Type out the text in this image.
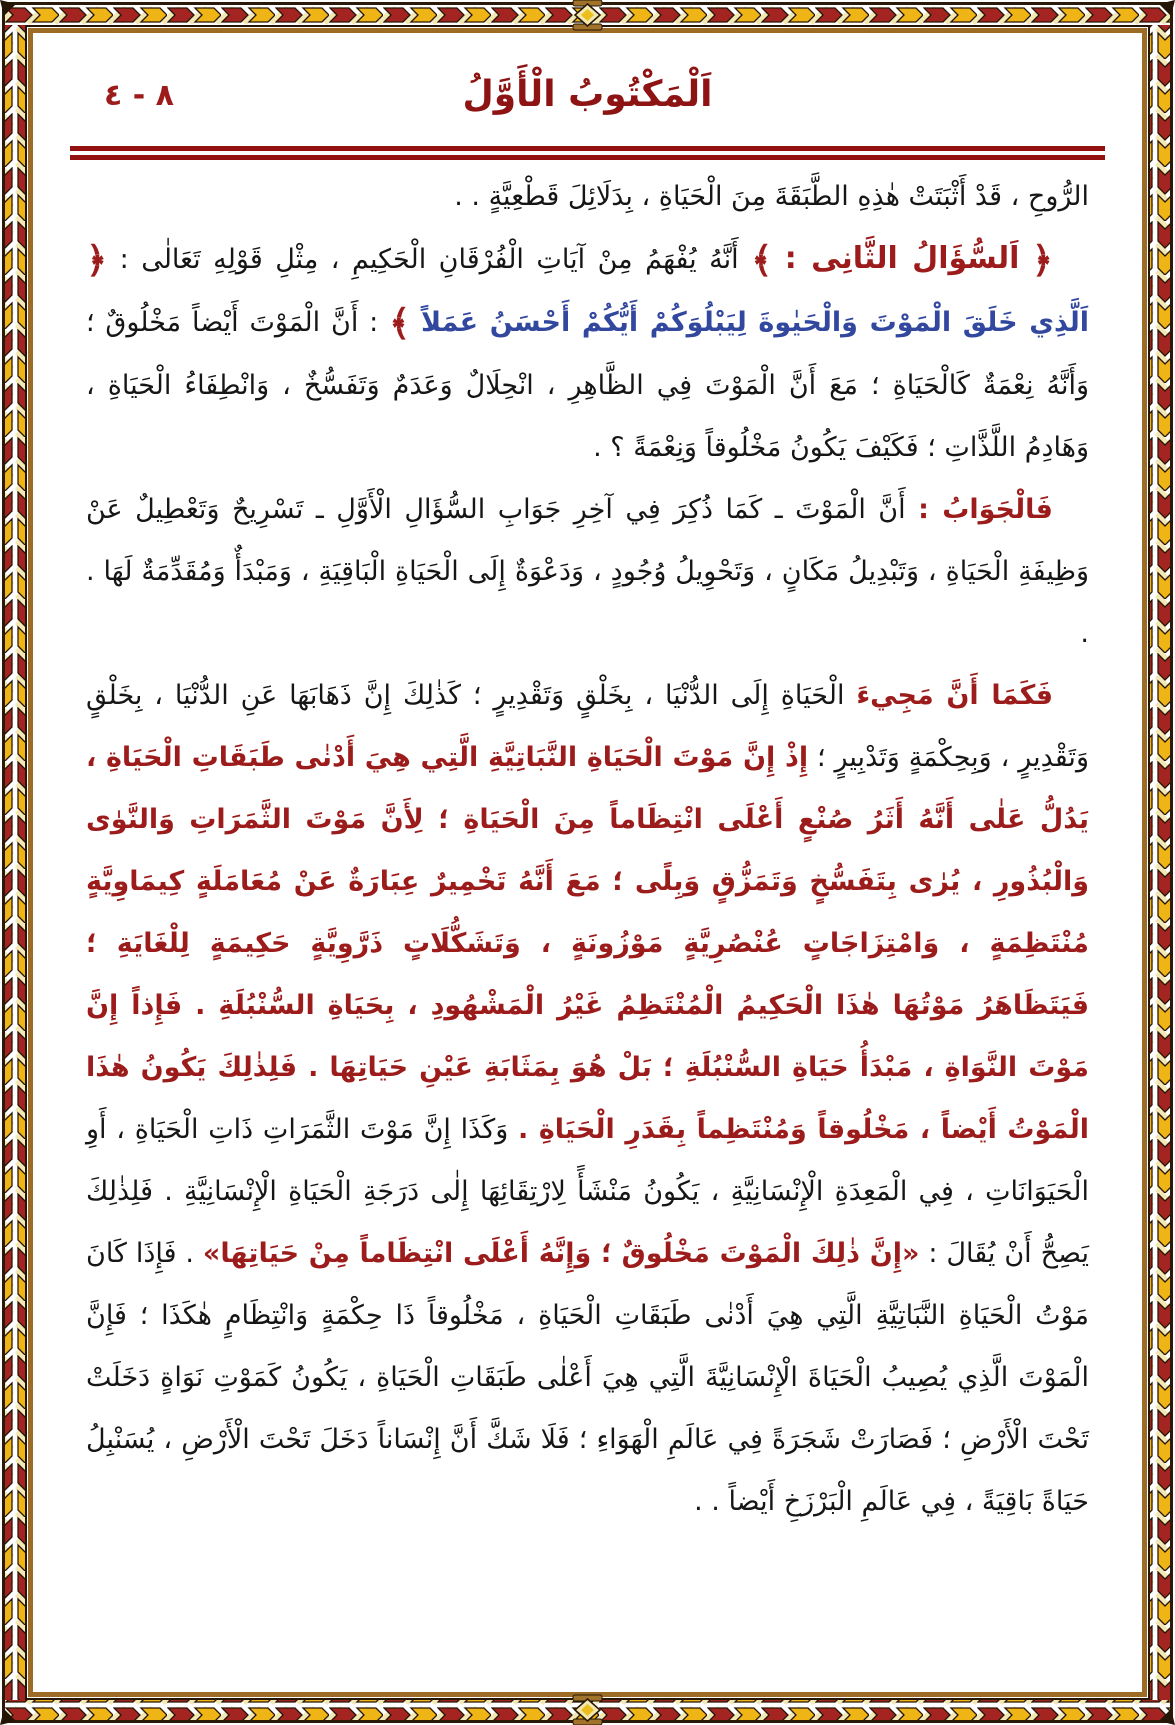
اَلْمَكْتُوبُ الْأَوَّلُ
٨ - ٤

الرُّوحِ ، قَدْ أَثْبَتَتْ هٰذِهِ الطَّبَقَةَ مِنَ الْحَيَاةِ ، بِدَلَائِلَ قَطْعِيَّةٍ . .

﴿ اَلسُّؤَالُ الثَّانِى : ﴾ أَنَّهُ يُفْهَمُ مِنْ آيَاتِ الْفُرْقَانِ الْحَكِيمِ ، مِثْلِ قَوْلِهِ تَعَالٰى : ﴿ اَلَّذِي خَلَقَ الْمَوْتَ وَالْحَيٰوةَ لِيَبْلُوَكُمْ أَيُّكُمْ أَحْسَنُ عَمَلاً ﴾ : أَنَّ الْمَوْتَ أَيْضاً مَخْلُوقٌ ؛ وَأَنَّهُ نِعْمَةٌ كَالْحَيَاةِ ؛ مَعَ أَنَّ الْمَوْتَ فِي الظَّاهِرِ ، انْحِلَالٌ وَعَدَمٌ وَتَفَسُّخٌ ، وَانْطِفَاءُ الْحَيَاةِ ، وَهَادِمُ اللَّذَّاتِ ؛ فَكَيْفَ يَكُونُ مَخْلُوقاً وَنِعْمَةً ؟ .

فَالْجَوَابُ : أَنَّ الْمَوْتَ ـ كَمَا ذُكِرَ فِي آخِرِ جَوَابِ السُّؤَالِ الْأَوَّلِ ـ تَسْرِيحٌ وَتَعْطِيلٌ عَنْ وَظِيفَةِ الْحَيَاةِ ، وَتَبْدِيلُ مَكَانٍ ، وَتَحْوِيلُ وُجُودٍ ، وَدَعْوَةٌ إِلَى الْحَيَاةِ الْبَاقِيَةِ ، وَمَبْدَأٌ وَمُقَدِّمَةٌ لَهَا . .

فَكَمَا أَنَّ مَجِيءَ الْحَيَاةِ إِلَى الدُّنْيَا ، بِخَلْقٍ وَتَقْدِيرٍ ؛ كَذٰلِكَ إِنَّ ذَهَابَهَا عَنِ الدُّنْيَا ، بِخَلْقٍ وَتَقْدِيرٍ ، وَبِحِكْمَةٍ وَتَدْبِيرٍ ؛ إِذْ إِنَّ مَوْتَ الْحَيَاةِ النَّبَاتِيَّةِ الَّتِي هِيَ أَدْنٰى طَبَقَاتِ الْحَيَاةِ ، يَدُلُّ عَلٰى أَنَّهُ أَثَرُ صُنْعٍ أَعْلَى انْتِظَاماً مِنَ الْحَيَاةِ ؛ لِأَنَّ مَوْتَ الثَّمَرَاتِ وَالنَّوٰى وَالْبُذُورِ ، يُرٰى بِتَفَسُّخٍ وَتَمَزُّقٍ وَبِلًى ؛ مَعَ أَنَّهُ تَخْمِيرٌ عِبَارَةٌ عَنْ مُعَامَلَةٍ كِيمَاوِيَّةٍ مُنْتَظِمَةٍ ، وَامْتِزَاجَاتٍ عُنْصُرِيَّةٍ مَوْزُونَةٍ ، وَتَشَكُّلَاتٍ ذَرَّوِيَّةٍ حَكِيمَةٍ لِلْغَايَةِ ؛ فَيَتَظَاهَرُ مَوْتُهَا هٰذَا الْحَكِيمُ الْمُنْتَظِمُ غَيْرُ الْمَشْهُودِ ، بِحَيَاةِ السُّنْبُلَةِ . فَإِذاً إِنَّ مَوْتَ النَّوَاةِ ، مَبْدَأُ حَيَاةِ السُّنْبُلَةِ ؛ بَلْ هُوَ بِمَثَابَةِ عَيْنِ حَيَاتِهَا . فَلِذٰلِكَ يَكُونُ هٰذَا الْمَوْتُ أَيْضاً ، مَخْلُوقاً وَمُنْتَظِماً بِقَدَرِ الْحَيَاةِ . وَكَذَا إِنَّ مَوْتَ الثَّمَرَاتِ ذَاتِ الْحَيَاةِ ، أَوِ الْحَيَوَانَاتِ ، فِي الْمَعِدَةِ الْإِنْسَانِيَّةِ ، يَكُونُ مَنْشَأً لِارْتِقَائِهَا إِلٰى دَرَجَةِ الْحَيَاةِ الْإِنْسَانِيَّةِ . فَلِذٰلِكَ يَصِحُّ أَنْ يُقَالَ : «إِنَّ ذٰلِكَ الْمَوْتَ مَخْلُوقٌ ؛ وَإِنَّهُ أَعْلَى انْتِظَاماً مِنْ حَيَاتِهَا» . فَإِذَا كَانَ مَوْتُ الْحَيَاةِ النَّبَاتِيَّةِ الَّتِي هِيَ أَدْنٰى طَبَقَاتِ الْحَيَاةِ ، مَخْلُوقاً ذَا حِكْمَةٍ وَانْتِظَامٍ هٰكَذَا ؛ فَإِنَّ الْمَوْتَ الَّذِي يُصِيبُ الْحَيَاةَ الْإِنْسَانِيَّةَ الَّتِي هِيَ أَعْلٰى طَبَقَاتِ الْحَيَاةِ ، يَكُونُ كَمَوْتِ نَوَاةٍ دَخَلَتْ تَحْتَ الْأَرْضِ ؛ فَصَارَتْ شَجَرَةً فِي عَالَمِ الْهَوَاءِ ؛ فَلَا شَكَّ أَنَّ إِنْسَاناً دَخَلَ تَحْتَ الْأَرْضِ ، يُسَنْبِلُ حَيَاةً بَاقِيَةً ، فِي عَالَمِ الْبَرْزَخِ أَيْضاً . .
